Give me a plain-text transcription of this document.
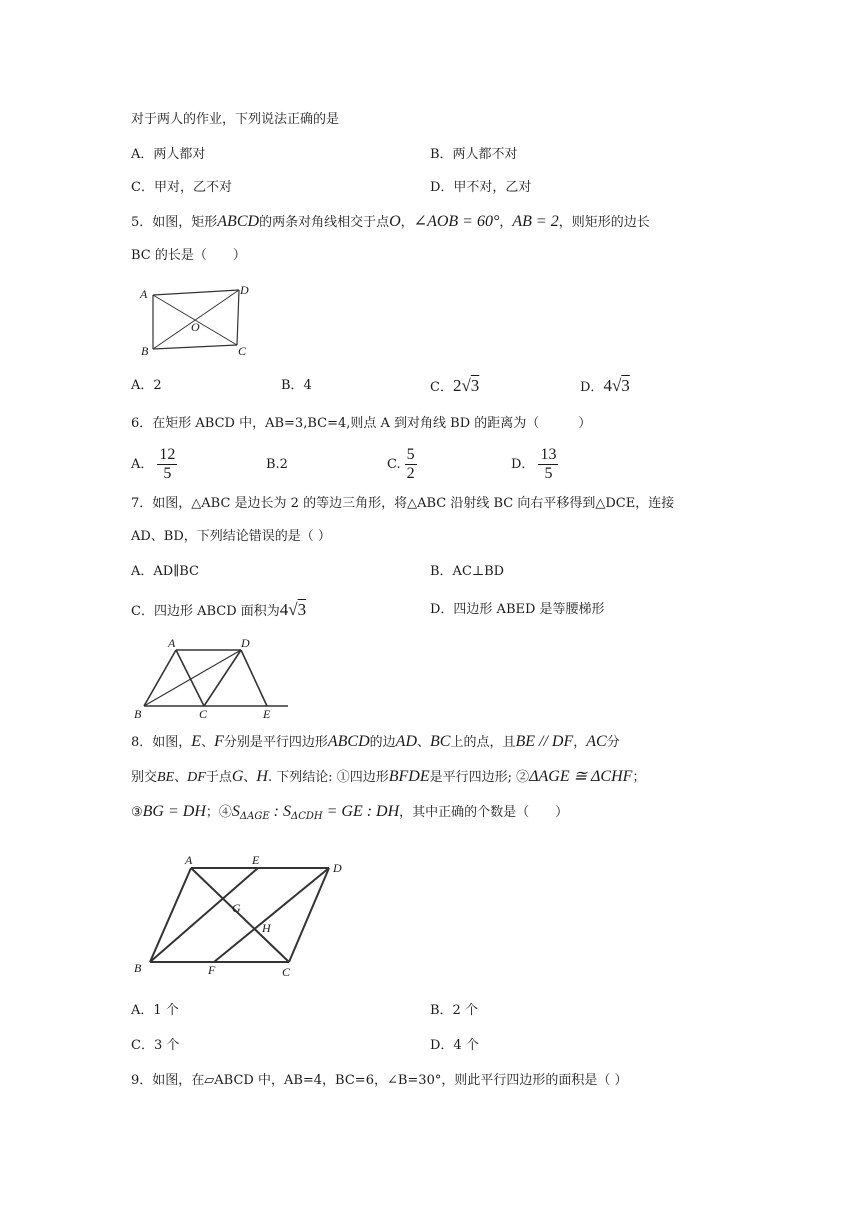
对于两人的作业，下列说法正确的是
A．两人都对	B．两人都不对
C．甲对，乙不对	D．甲不对，乙对
5．如图，矩形ABCD的两条对角线相交于点O，∠AOB = 60°，AB = 2，则矩形的边长
BC 的长是（　　）
A	D
O
B	C
A．2	B．4	C．2√3	D．4√3
6．在矩形 ABCD 中，AB=3,BC=4,则点 A 到对角线 BD 的距离为（　　　）
A． $\frac{12}{5}$	B.2	C. $\frac{5}{2}$	D． $\frac{13}{5}$
7．如图，△ABC 是边长为 2 的等边三角形，将△ABC 沿射线 BC 向右平移得到△DCE，连接
AD、BD，下列结论错误的是（ ）
A．AD∥BC	B．AC⊥BD
C．四边形 ABCD 面积为4√3	D．四边形 ABED 是等腰梯形
A	D
B	C	E
8．如图，E、F分别是平行四边形ABCD的边AD、BC上的点，且BE // DF，AC分
别交BE、DF于点G、H. 下列结论: ①四边形BFDE是平行四边形; ②ΔAGE ≅ ΔCHF；
③BG = DH；$④S_{\Delta AGE}$ : $S_{\Delta CDH}$ = GE : DH，其中正确的个数是（　　）
A	E
D
G
H
B	F	C
A．1 个	B．2 个
C．3 个	D．4 个
9．如图，在▱ABCD 中，AB=4，BC=6，∠B=30°，则此平行四边形的面积是（ ）
